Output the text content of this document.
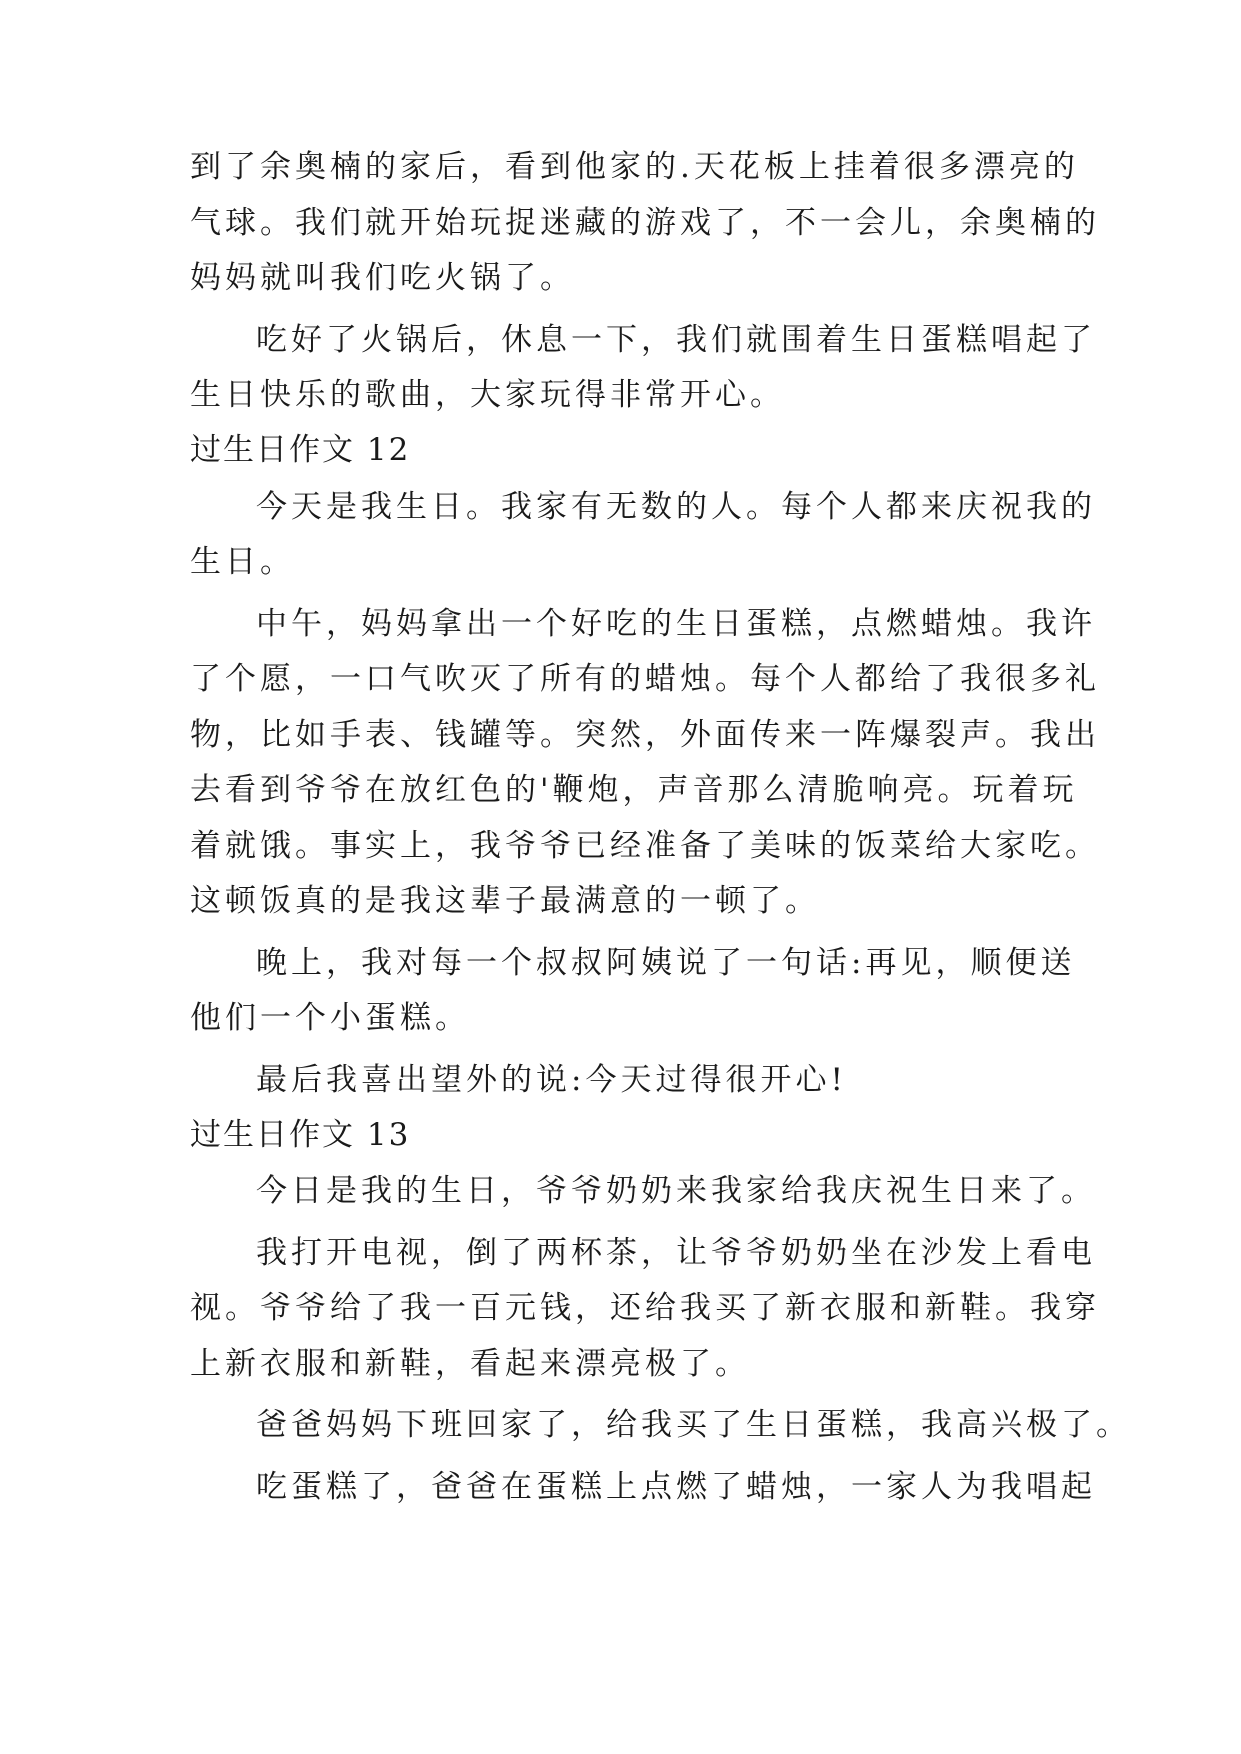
到了余奥楠的家后，看到他家的.天花板上挂着很多漂亮的
气球。我们就开始玩捉迷藏的游戏了，不一会儿，余奥楠的
妈妈就叫我们吃火锅了。
吃好了火锅后，休息一下，我们就围着生日蛋糕唱起了
生日快乐的歌曲，大家玩得非常开心。
过生日作文 12
今天是我生日。我家有无数的人。每个人都来庆祝我的
生日。
中午，妈妈拿出一个好吃的生日蛋糕，点燃蜡烛。我许
了个愿，一口气吹灭了所有的蜡烛。每个人都给了我很多礼
物，比如手表、钱罐等。突然，外面传来一阵爆裂声。我出
去看到爷爷在放红色的'鞭炮，声音那么清脆响亮。玩着玩
着就饿。事实上，我爷爷已经准备了美味的饭菜给大家吃。
这顿饭真的是我这辈子最满意的一顿了。
晚上，我对每一个叔叔阿姨说了一句话:再见，顺便送
他们一个小蛋糕。
最后我喜出望外的说:今天过得很开心!
过生日作文 13
今日是我的生日，爷爷奶奶来我家给我庆祝生日来了。
我打开电视，倒了两杯茶，让爷爷奶奶坐在沙发上看电
视。爷爷给了我一百元钱，还给我买了新衣服和新鞋。我穿
上新衣服和新鞋，看起来漂亮极了。
爸爸妈妈下班回家了，给我买了生日蛋糕，我高兴极了。
吃蛋糕了，爸爸在蛋糕上点燃了蜡烛，一家人为我唱起
